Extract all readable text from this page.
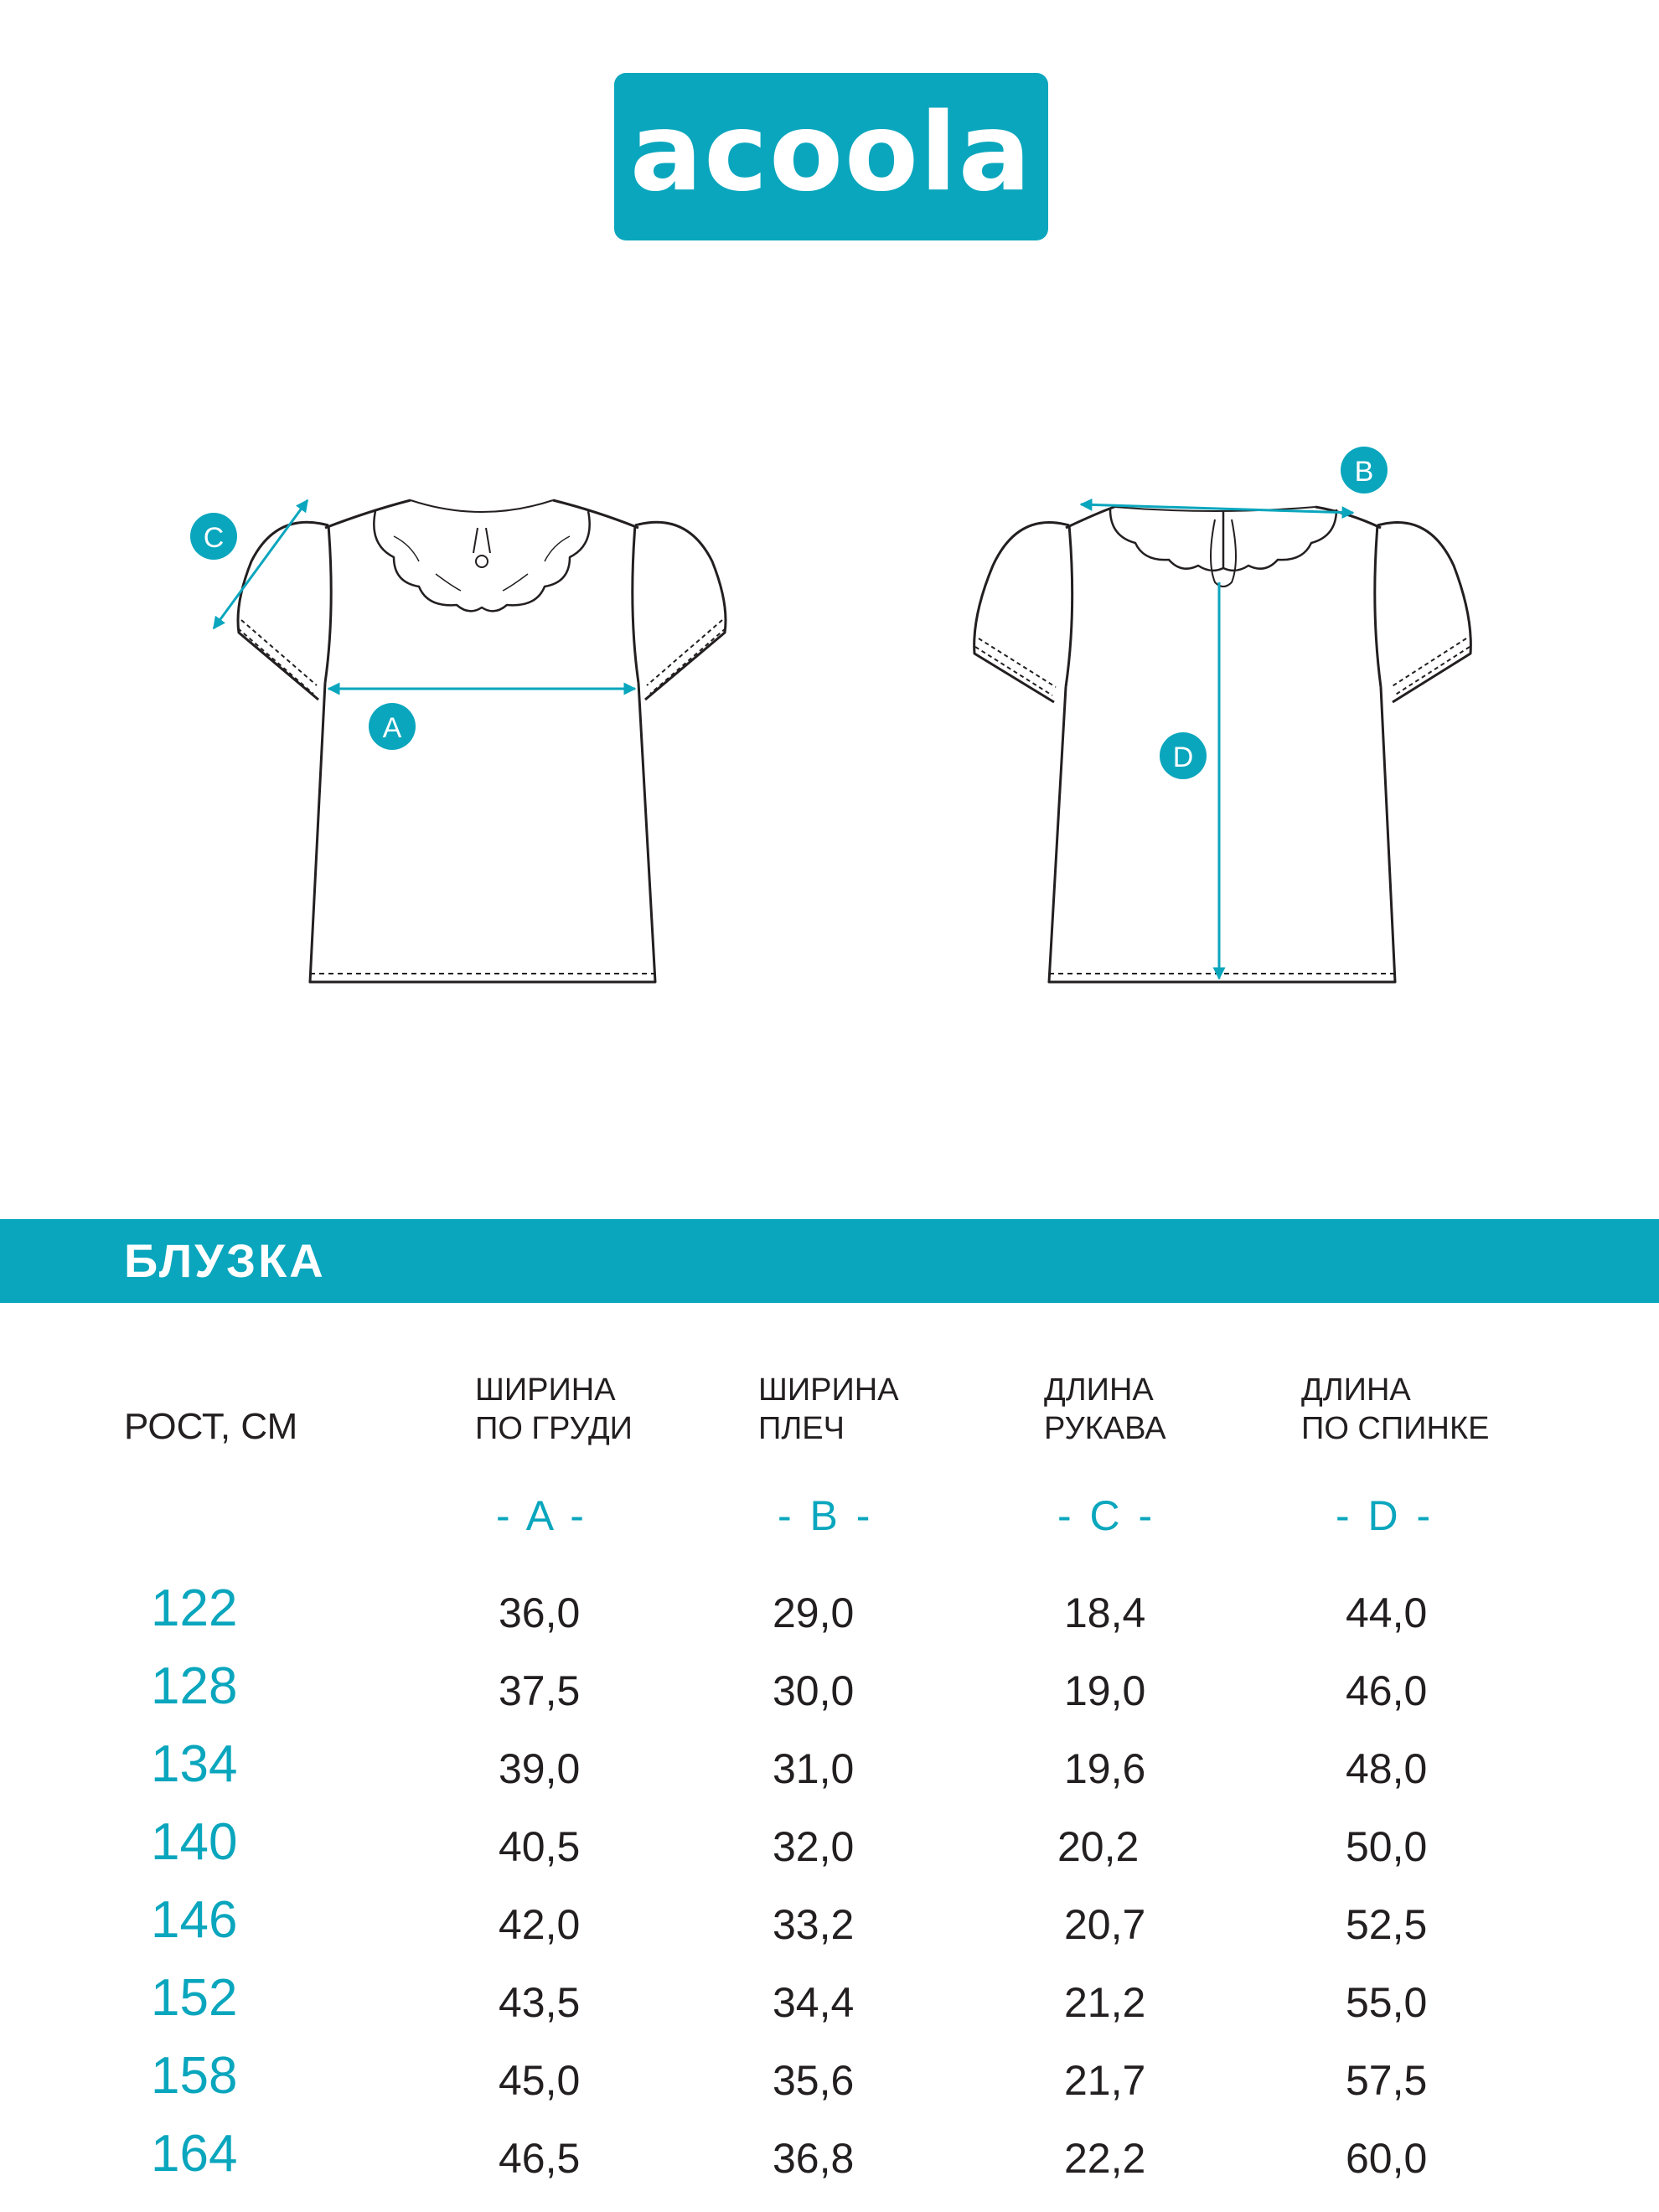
acoola
A
C
B
D
БЛУЗКА
РОСТ, СМ
ШИРИНА
ПО ГРУДИ
ШИРИНА
ПЛЕЧ
ДЛИНА
РУКАВА
ДЛИНА
ПО СПИНКЕ
- A -	- B -	- C -	- D -
122	36,0	29,0	18,4	44,0
128	37,5	30,0	19,0	46,0
134	39,0	31,0	19,6	48,0
140	40,5	32,0	20,2	50,0
146	42,0	33,2	20,7	52,5
152	43,5	34,4	21,2	55,0
158	45,0	35,6	21,7	57,5
164	46,5	36,8	22,2	60,0
